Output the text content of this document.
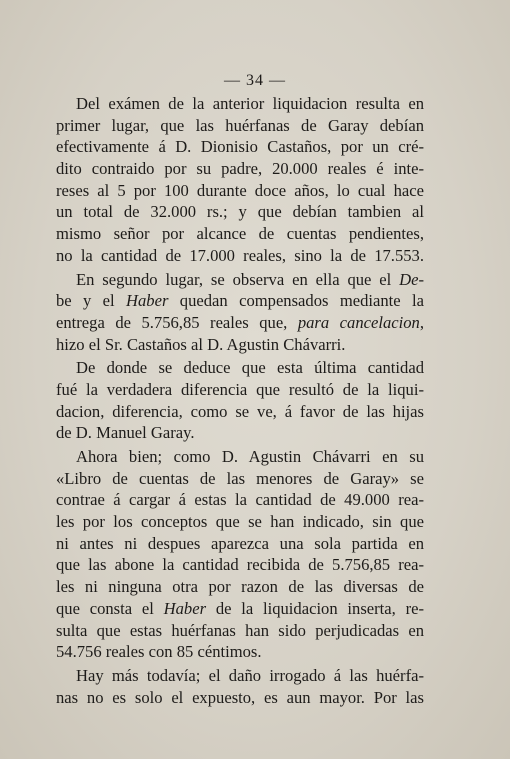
— 34 —
Del exámen de la anterior liquidacion resulta en
primer lugar, que las huérfanas de Garay debían
efectivamente á D. Dionisio Castaños, por un cré-
dito contraido por su padre, 20.000 reales é inte-
reses al 5 por 100 durante doce años, lo cual hace
un total de 32.000 rs.; y que debían tambien al
mismo señor por alcance de cuentas pendientes,
no la cantidad de 17.000 reales, sino la de 17.553.
En segundo lugar, se observa en ella que el De-
be y el Haber quedan compensados mediante la
entrega de 5.756,85 reales que, para cancelacion,
hizo el Sr. Castaños al D. Agustin Chávarri.
De donde se deduce que esta última cantidad
fué la verdadera diferencia que resultó de la liqui-
dacion, diferencia, como se ve, á favor de las hijas
de D. Manuel Garay.
Ahora bien; como D. Agustin Chávarri en su
«Libro de cuentas de las menores de Garay» se
contrae á cargar á estas la cantidad de 49.000 rea-
les por los conceptos que se han indicado, sin que
ni antes ni despues aparezca una sola partida en
que las abone la cantidad recibida de 5.756,85 rea-
les ni ninguna otra por razon de las diversas de
que consta el Haber de la liquidacion inserta, re-
sulta que estas huérfanas han sido perjudicadas en
54.756 reales con 85 céntimos.
Hay más todavía; el daño irrogado á las huérfa-
nas no es solo el expuesto, es aun mayor. Por las
